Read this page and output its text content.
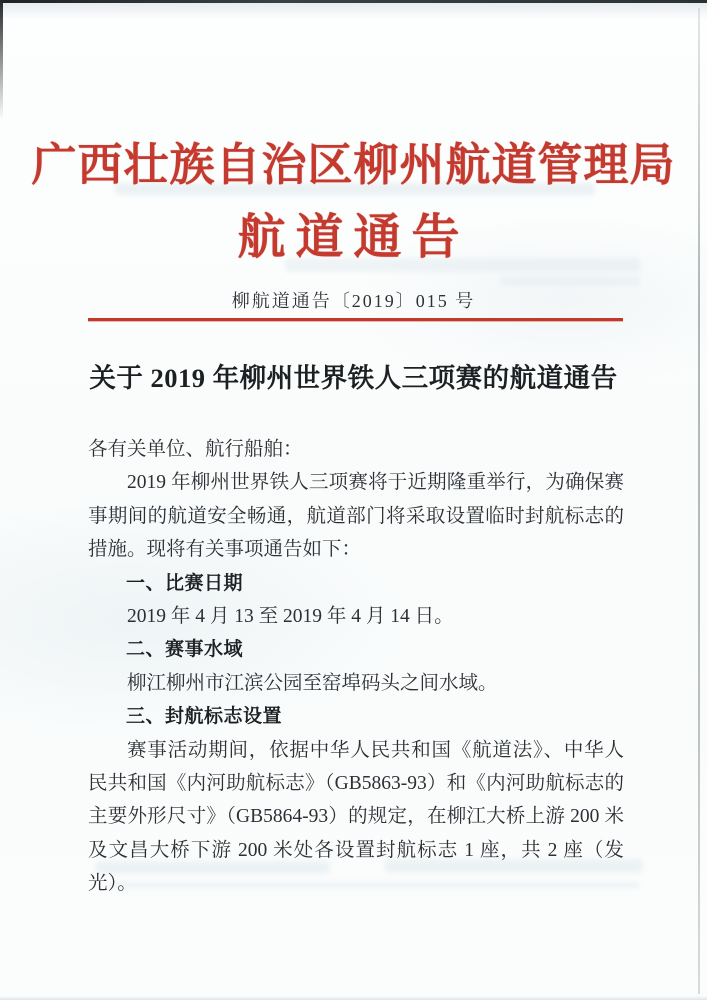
广西壮族自治区柳州航道管理局
航道通告
柳航道通告〔2019〕015 号
关于 2019 年柳州世界铁人三项赛的航道通告

各有关单位、航行船舶：

2019 年柳州世界铁人三项赛将于近期隆重举行，为确保赛事期间的航道安全畅通，航道部门将采取设置临时封航标志的措施。现将有关事项通告如下：

一、比赛日期

2019 年 4 月 13 至 2019 年 4 月 14 日。

二、赛事水域

柳江柳州市江滨公园至窑埠码头之间水域。

三、封航标志设置

赛事活动期间，依据中华人民共和国《航道法》、中华人民共和国《内河助航标志》（GB5863-93）和《内河助航标志的主要外形尺寸》（GB5864-93）的规定，在柳江大桥上游 200 米及文昌大桥下游 200 米处各设置封航标志 1 座，共 2 座（发光）。
